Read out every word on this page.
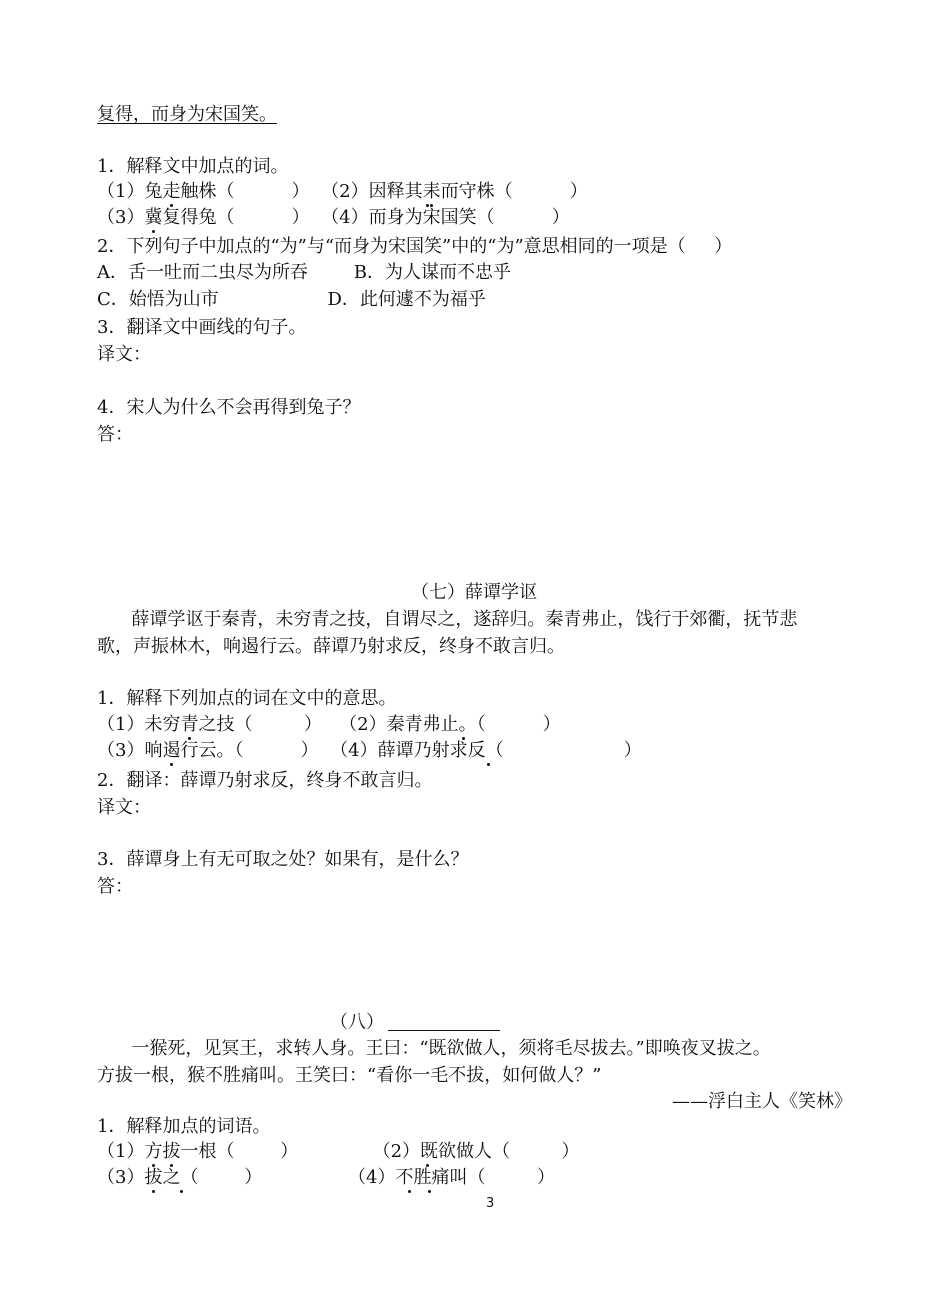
复得，而身为宋国笑。
1．解释文中加点的词。
（1）兔走触株（          ）  （2）因释其耒而守株（          ）
（3）冀复得兔（          ）  （4）而身为宋国笑（          ）
2．下列句子中加点的“为”与“而身为宋国笑”中的“为”意思相同的一项是（     ）
A．舌一吐而二虫尽为所吞        B．为人谋而不忠乎
C．始悟为山市                   D．此何遽不为福乎
3．翻译文中画线的句子。
译文：
4．宋人为什么不会再得到兔子？
答：
（七）薛谭学讴
薛谭学讴于秦青，未穷青之技，自谓尽之，遂辞归。秦青弗止，饯行于郊衢，抚节悲
歌，声振林木，响遏行云。薛谭乃射求反，终身不敢言归。
1．解释下列加点的词在文中的意思。
（1）未穷青之技（         ）   （2）秦青弗止。（          ）
（3）响遏行云。（          ）  （4）薛谭乃射求反（                     ）
2．翻译：薛谭乃射求反，终身不敢言归。
译文：
3．薛谭身上有无可取之处？如果有，是什么？
答：
（八）
一猴死，见冥王，求转人身。王曰：“既欲做人，须将毛尽拔去。”即唤夜叉拔之。
方拔一根，猴不胜痛叫。王笑曰：“看你一毛不拔，如何做人？”
——浮白主人《笑林》
1．解释加点的词语。
（1）方拔一根（        ）             （2）既欲做人（         ）
（3）拔之（        ）               （4）不胜痛叫（         ）
3
